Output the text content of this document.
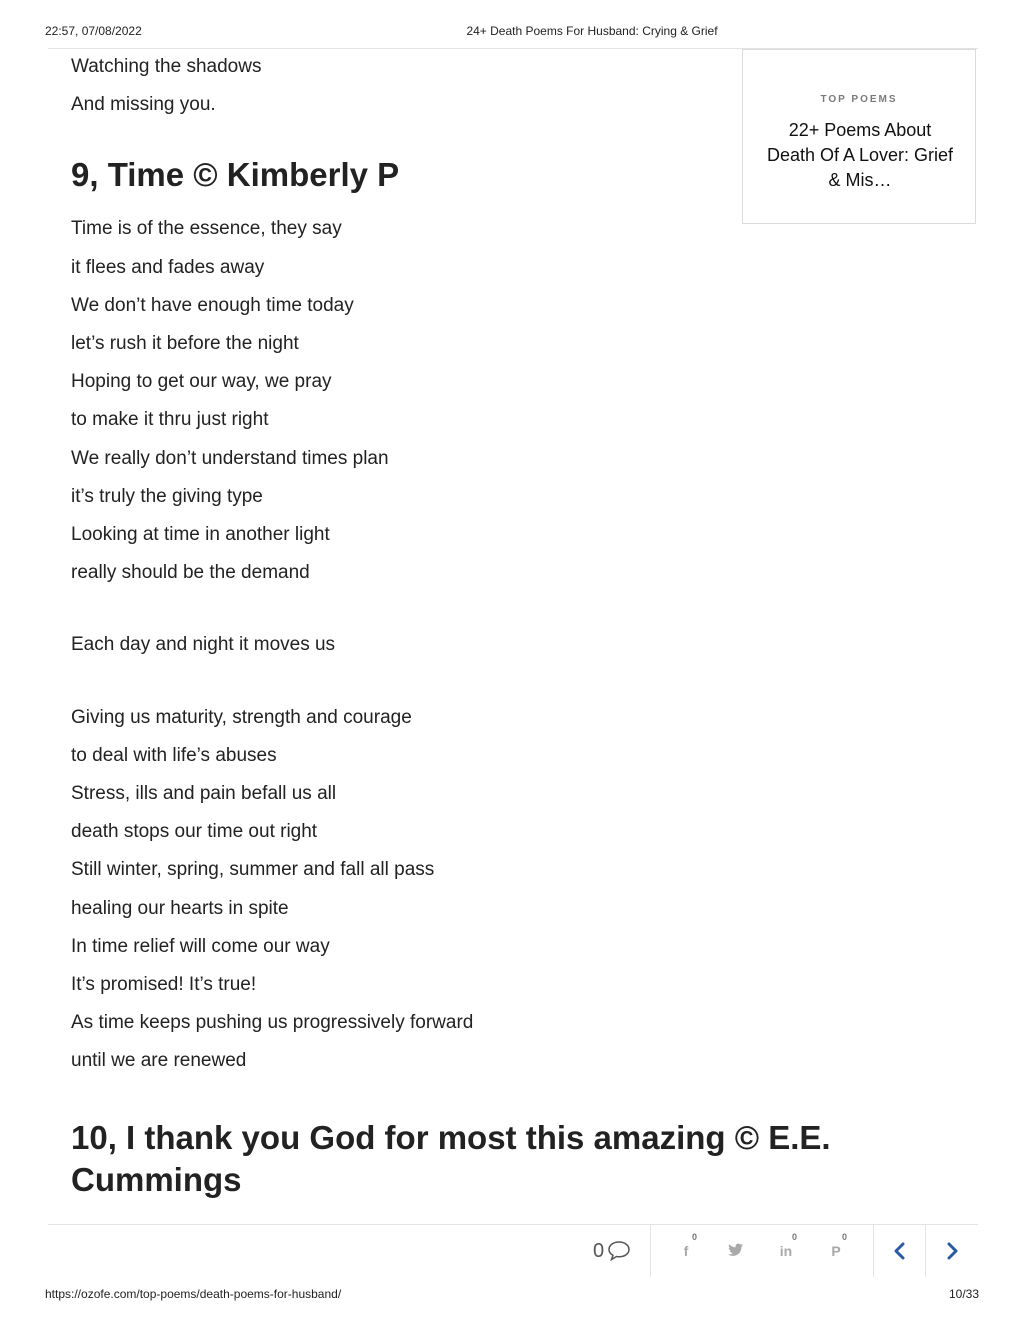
22:57, 07/08/2022	24+ Death Poems For Husband: Crying & Grief
Watching the shadows
And missing you.
9, Time © Kimberly P
Time is of the essence, they say
it flees and fades away
We don’t have enough time today
let’s rush it before the night
Hoping to get our way, we pray
to make it thru just right
We really don’t understand times plan
it’s truly the giving type
Looking at time in another light
really should be the demand
Each day and night it moves us
Giving us maturity, strength and courage
to deal with life’s abuses
Stress, ills and pain befall us all
death stops our time out right
Still winter, spring, summer and fall all pass
healing our hearts in spite
In time relief will come our way
It’s promised! It’s true!
As time keeps pushing us progressively forward
until we are renewed
10, I thank you God for most this amazing © E.E. Cummings
TOP POEMS
22+ Poems About Death Of A Lover: Grief & Mis…
0	f
0
in
0
P
0
https://ozofe.com/top-poems/death-poems-for-husband/	10/33
